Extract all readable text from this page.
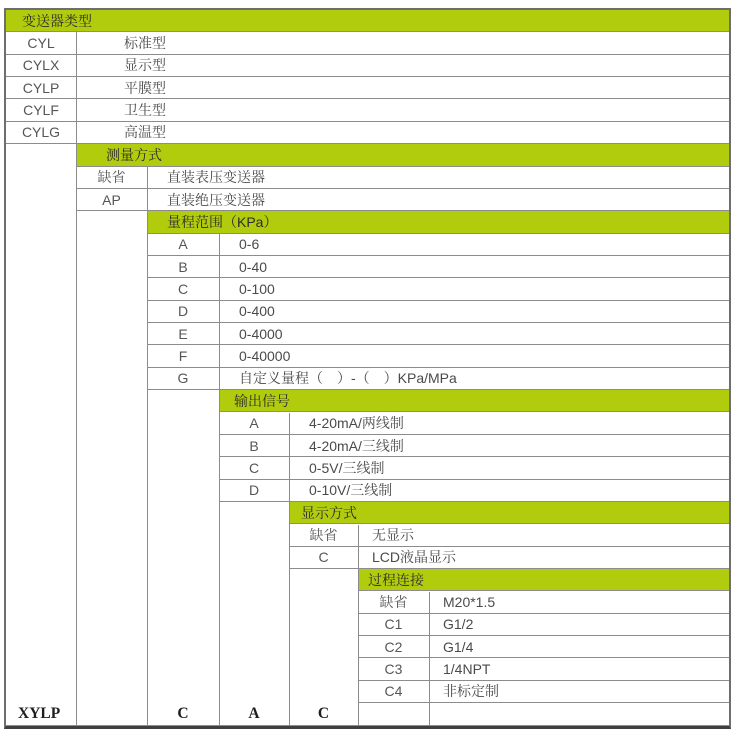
变送器类型
CYL	标准型
CYLX	显示型
CYLP	平膜型
CYLF	卫生型
CYLG	高温型
测量方式
缺省	直装表压变送器
AP	直装绝压变送器
量程范围（KPa）
A	0-6
B	0-40
C	0-100
D	0-400
E	0-4000
F	0-40000
G	自定义量程（　）-（　）KPa/MPa
输出信号
A	4-20mA/两线制
B	4-20mA/三线制
C	0-5V/三线制
D	0-10V/三线制
显示方式
缺省	无显示
C	LCD液晶显示
过程连接
缺省	M20*1.5
C1	G1/2
C2	G1/4
C3	1/4NPT
C4	非标定制
XYLP	C	A	C
